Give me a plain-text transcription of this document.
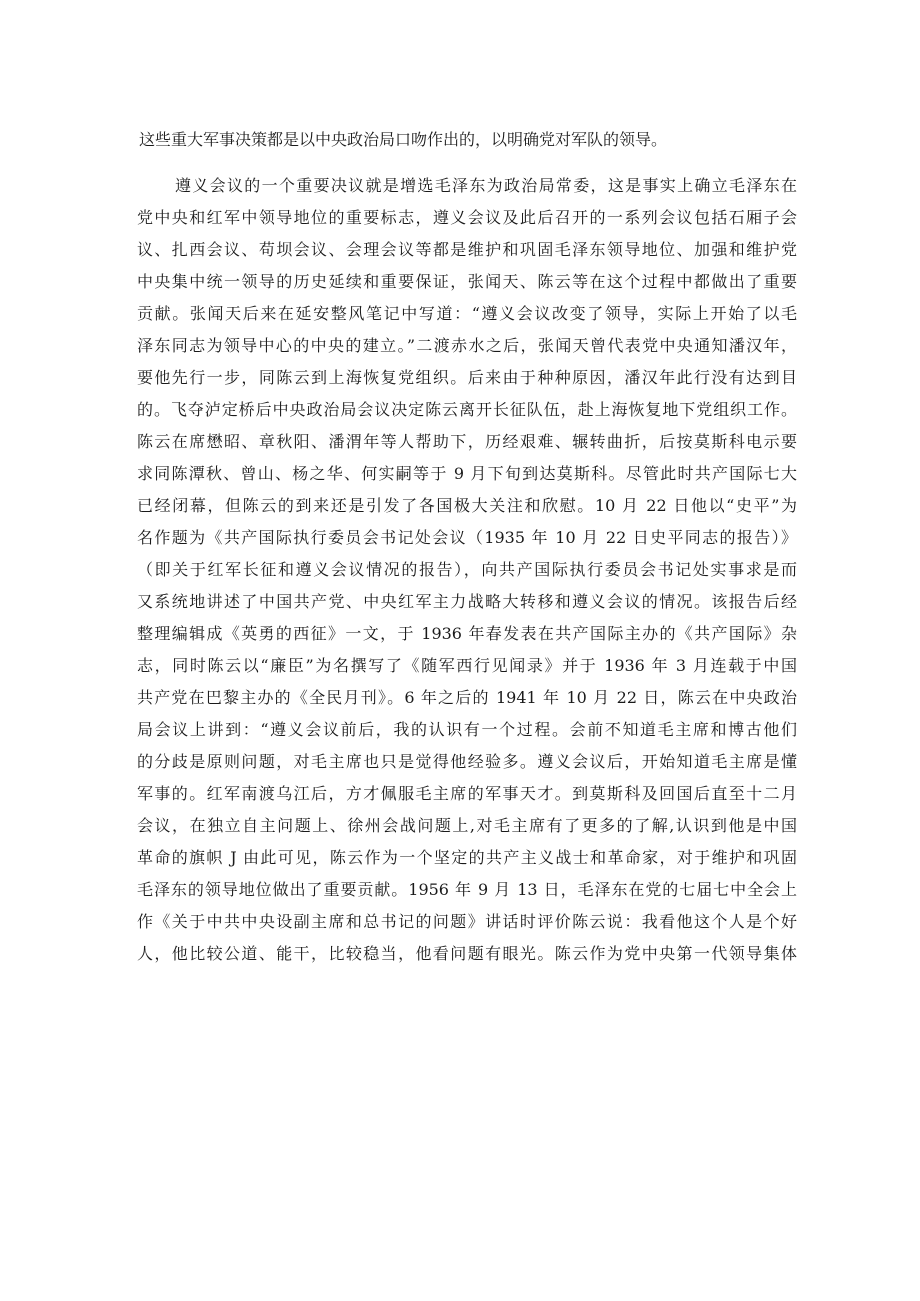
这些重大军事决策都是以中央政治局口吻作出的，以明确党对军队的领导。
遵义会议的一个重要决议就是增选毛泽东为政治局常委，这是事实上确立毛泽东在
党中央和红军中领导地位的重要标志，遵义会议及此后召开的一系列会议包括石厢子会
议、扎西会议、苟坝会议、会理会议等都是维护和巩固毛泽东领导地位、加强和维护党
中央集中统一领导的历史延续和重要保证，张闻天、陈云等在这个过程中都做出了重要
贡献。张闻天后来在延安整风笔记中写道：“遵义会议改变了领导，实际上开始了以毛
泽东同志为领导中心的中央的建立。”二渡赤水之后，张闻天曾代表党中央通知潘汉年，
要他先行一步，同陈云到上海恢复党组织。后来由于种种原因，潘汉年此行没有达到目
的。飞夺泸定桥后中央政治局会议决定陈云离开长征队伍，赴上海恢复地下党组织工作。
陈云在席懋昭、章秋阳、潘渭年等人帮助下，历经艰难、辗转曲折，后按莫斯科电示要
求同陈潭秋、曾山、杨之华、何实嗣等于 9 月下旬到达莫斯科。尽管此时共产国际七大
已经闭幕，但陈云的到来还是引发了各国极大关注和欣慰。10 月 22 日他以“史平”为
名作题为《共产国际执行委员会书记处会议（1935 年 10 月 22 日史平同志的报告）》
（即关于红军长征和遵义会议情况的报告），向共产国际执行委员会书记处实事求是而
又系统地讲述了中国共产党、中央红军主力战略大转移和遵义会议的情况。该报告后经
整理编辑成《英勇的西征》一文，于 1936 年春发表在共产国际主办的《共产国际》杂
志，同时陈云以“廉臣”为名撰写了《随军西行见闻录》并于 1936 年 3 月连载于中国
共产党在巴黎主办的《全民月刊》。6 年之后的 1941 年 10 月 22 日，陈云在中央政治
局会议上讲到：“遵义会议前后，我的认识有一个过程。会前不知道毛主席和博古他们
的分歧是原则问题，对毛主席也只是觉得他经验多。遵义会议后，开始知道毛主席是懂
军事的。红军南渡乌江后，方才佩服毛主席的军事天才。到莫斯科及回国后直至十二月
会议，在独立自主问题上、徐州会战问题上,对毛主席有了更多的了解,认识到他是中国
革命的旗帜 J 由此可见，陈云作为一个坚定的共产主义战士和革命家，对于维护和巩固
毛泽东的领导地位做出了重要贡献。1956 年 9 月 13 日，毛泽东在党的七届七中全会上
作《关于中共中央设副主席和总书记的问题》讲话时评价陈云说：我看他这个人是个好
人，他比较公道、能干，比较稳当，他看问题有眼光。陈云作为党中央第一代领导集体
